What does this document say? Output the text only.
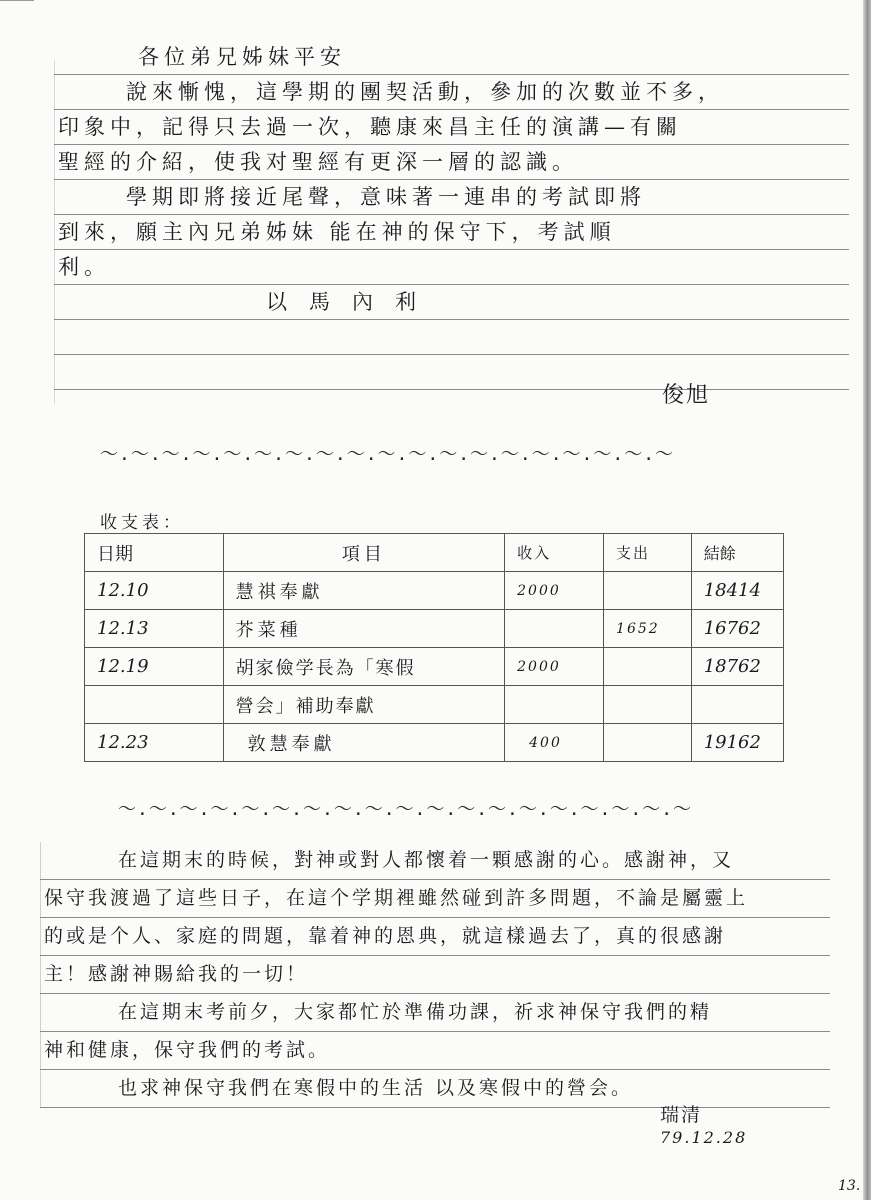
各位弟兄姊妹平安
說來慚愧，這學期的團契活動，參加的次數並不多，
印象中，記得只去過一次，聽康來昌主任的演講—有關
聖經的介紹，使我对聖經有更深一層的認識。
學期即將接近尾聲，意味著一連串的考試即將
到來，願主內兄弟姊妹 能在神的保守下，考試順
利。
以馬內利
俊旭
〜.〜.〜.〜.〜.〜.〜.〜.〜.〜.〜.〜.〜.〜.〜.〜.〜.〜.〜
收支表：
日期	項目	收入	支出	結餘
12.10	慧祺奉獻	2000		18414
12.13	芥菜種		1652	16762
12.19	胡家儉学長為「寒假	2000		18762
	營会」補助奉獻			
12.23	敦慧奉獻	400		19162
〜.〜.〜.〜.〜.〜.〜.〜.〜.〜.〜.〜.〜.〜.〜.〜.〜.〜.〜
在這期末的時候，對神或對人都懷着一顆感謝的心。感謝神，又
保守我渡過了這些日子，在這个学期裡雖然碰到許多問題，不論是屬靈上
的或是个人、家庭的問題，靠着神的恩典，就這樣過去了，真的很感謝
主！感謝神賜給我的一切！
在這期末考前夕，大家都忙於準備功課，祈求神保守我們的精
神和健康，保守我們的考試。
也求神保守我們在寒假中的生活 以及寒假中的營会。
瑞清
79.12.28
13.
